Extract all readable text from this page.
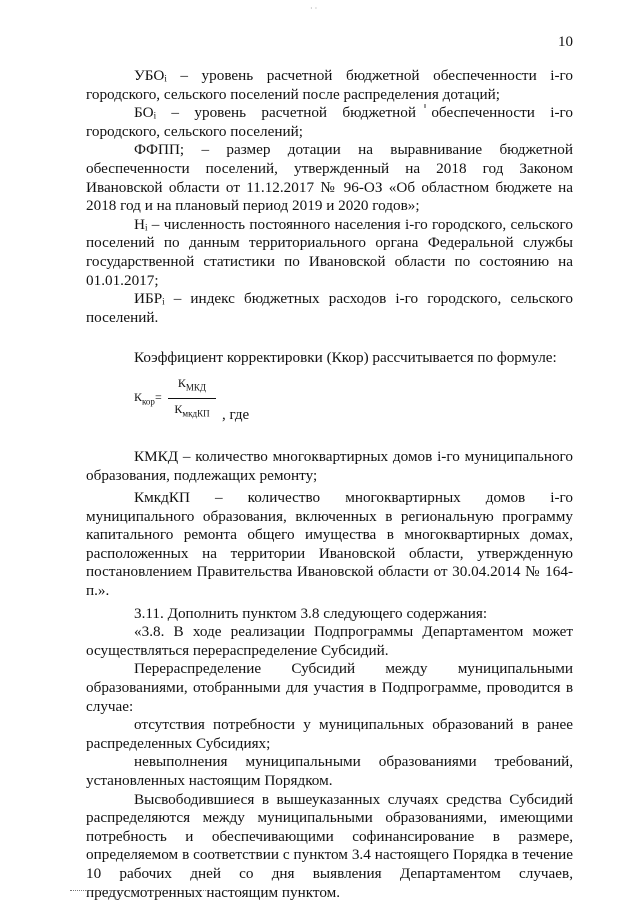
· ·
10

УБОᵢ – уровень расчетной бюджетной обеспеченности i-го городского, сельского поселений после распределения дотаций;

БОᵢ – уровень расчетной бюджетной обеспеченности i-го городского, сельского поселений;

ФФПП; – размер дотации на выравнивание бюджетной обеспеченности поселений, утвержденный на 2018 год Законом Ивановской области от 11.12.2017 № 96-ОЗ «Об областном бюджете на 2018 год и на плановый период 2019 и 2020 годов»;

Нᵢ – численность постоянного населения i-го городского, сельского поселений по данным территориального органа Федеральной службы государственной статистики по Ивановской области по состоянию на 01.01.2017;

ИБРᵢ – индекс бюджетных расходов i-го городского, сельского поселений.

Коэффициент корректировки (Ккор) рассчитывается по формуле:

$К_{кор}=$
$К_{МКД}$
$К_{мкдКП}$ , где

КМКД – количество многоквартирных домов i-го муниципального образования, подлежащих ремонту;

КмкдКП – количество многоквартирных домов i-го муниципального образования, включенных в региональную программу капитального ремонта общего имущества в многоквартирных домах, расположенных на территории Ивановской области, утвержденную постановлением Правительства Ивановской области от 30.04.2014 № 164-п.».

3.11. Дополнить пунктом 3.8 следующего содержания:

«3.8. В ходе реализации Подпрограммы Департаментом может осуществляться перераспределение Субсидий.

Перераспределение Субсидий между муниципальными образованиями, отобранными для участия в Подпрограмме, проводится в случае:

отсутствия потребности у муниципальных образований в ранее распределенных Субсидиях;

невыполнения муниципальными образованиями требований, установленных настоящим Порядком.

Высвободившиеся в вышеуказанных случаях средства Субсидий распределяются между муниципальными образованиями, имеющими потребность и обеспечивающими софинансирование в размере, определяемом в соответствии с пунктом 3.4 настоящего Порядка в течение 10 рабочих дней со дня выявления Департаментом случаев, предусмотренных настоящим пунктом.
